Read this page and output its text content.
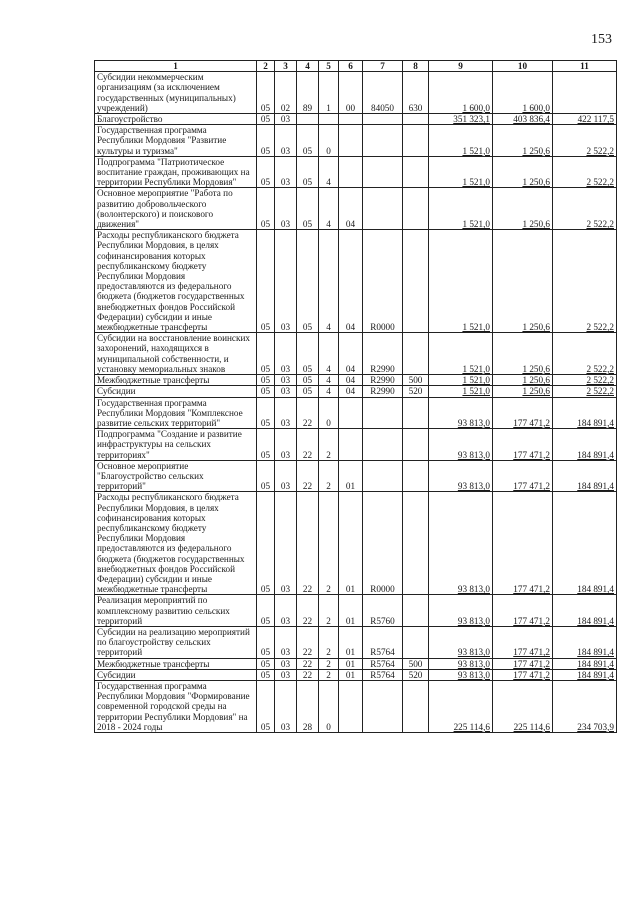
153
1	2	3	4	5	6	7	8	9	10	11
Субсидии некоммерческим организациям (за исключением государственных (муниципальных) учреждений)	05	02	89	1	00	84050	630	1 600,0	1 600,0	
Благоустройство	05	03						351 323,1	403 836,4	422 117,5
Государственная программа Республики Мордовия "Развитие культуры и туризма"	05	03	05	0				1 521,0	1 250,6	2 522,2
Подпрограмма "Патриотическое воспитание граждан, проживающих на территории Республики Мордовия"	05	03	05	4				1 521,0	1 250,6	2 522,2
Основное мероприятие "Работа по развитию добровольческого (волонтерского) и поискового движения"	05	03	05	4	04			1 521,0	1 250,6	2 522,2
Расходы республиканского бюджета Республики Мордовия, в целях софинансирования которых республиканскому бюджету Республики Мордовия предоставляются из федерального бюджета (бюджетов государственных внебюджетных фондов Российской Федерации) субсидии и иные межбюджетные трансферты	05	03	05	4	04	R0000		1 521,0	1 250,6	2 522,2
Субсидии на восстановление воинских захоронений, находящихся в муниципальной собственности, и установку мемориальных знаков	05	03	05	4	04	R2990		1 521,0	1 250,6	2 522,2
Межбюджетные трансферты	05	03	05	4	04	R2990	500	1 521,0	1 250,6	2 522,2
Субсидии	05	03	05	4	04	R2990	520	1 521,0	1 250,6	2 522,2
Государственная программа Республики Мордовия "Комплексное развитие сельских территорий"	05	03	22	0				93 813,0	177 471,2	184 891,4
Подпрограмма "Создание и развитие инфраструктуры на сельских территориях"	05	03	22	2				93 813,0	177 471,2	184 891,4
Основное мероприятие "Благоустройство сельских территорий"	05	03	22	2	01			93 813,0	177 471,2	184 891,4
Расходы республиканского бюджета Республики Мордовия, в целях софинансирования которых республиканскому бюджету Республики Мордовия предоставляются из федерального бюджета (бюджетов государственных внебюджетных фондов Российской Федерации) субсидии и иные межбюджетные трансферты	05	03	22	2	01	R0000		93 813,0	177 471,2	184 891,4
Реализация мероприятий по комплексному развитию сельских территорий	05	03	22	2	01	R5760		93 813,0	177 471,2	184 891,4
Субсидии на реализацию мероприятий по благоустройству сельских территорий	05	03	22	2	01	R5764		93 813,0	177 471,2	184 891,4
Межбюджетные трансферты	05	03	22	2	01	R5764	500	93 813,0	177 471,2	184 891,4
Субсидии	05	03	22	2	01	R5764	520	93 813,0	177 471,2	184 891,4
Государственная программа Республики Мордовия "Формирование современной городской среды на территории Республики Мордовия" на 2018 - 2024 годы	05	03	28	0				225 114,6	225 114,6	234 703,9
